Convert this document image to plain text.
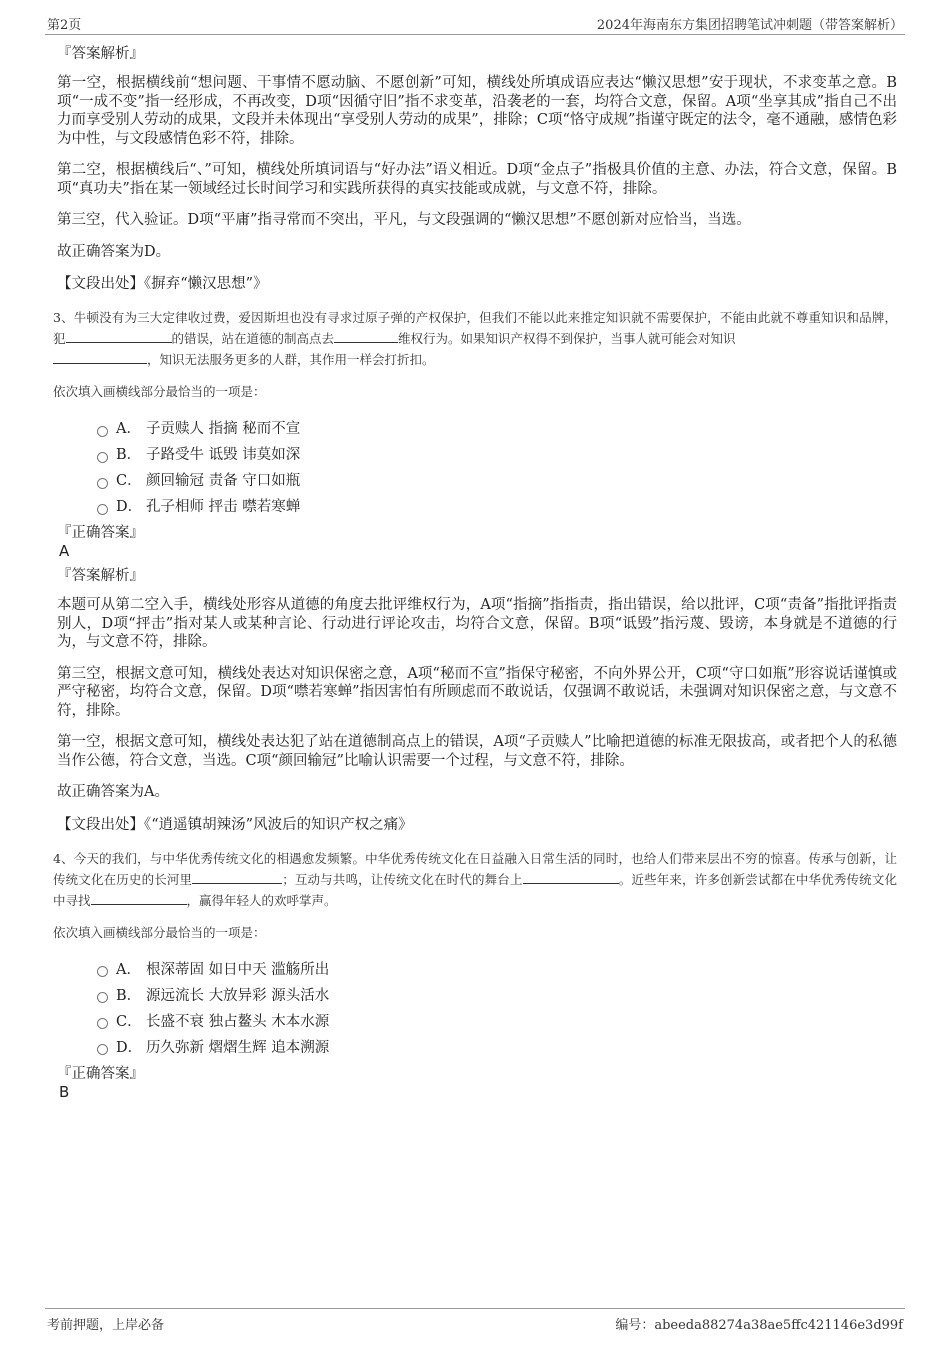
第2页	2024年海南东方集团招聘笔试冲刺题（带答案解析）
『答案解析』

第一空，根据横线前“想问题、干事情不愿动脑、不愿创新”可知，横线处所填成语应表达“懒汉思想”安于现状，不求变革之意。B项“一成不变”指一经形成，不再改变，D项“因循守旧”指不求变革，沿袭老的一套，均符合文意，保留。A项“坐享其成”指自己不出力而享受别人劳动的成果，文段并未体现出“享受别人劳动的成果”，排除；C项“恪守成规”指谨守既定的法令，毫不通融，感情色彩为中性，与文段感情色彩不符，排除。

第二空，根据横线后“、”可知，横线处所填词语与“好办法”语义相近。D项“金点子”指极具价值的主意、办法，符合文意，保留。B项“真功夫”指在某一领域经过长时间学习和实践所获得的真实技能或成就，与文意不符，排除。

第三空，代入验证。D项“平庸”指寻常而不突出，平凡，与文段强调的“懒汉思想”不愿创新对应恰当，当选。

故正确答案为D。

【文段出处】《摒弃“懒汉思想”》

3、牛顿没有为三大定律收过费，爱因斯坦也没有寻求过原子弹的产权保护，但我们不能以此来推定知识就不需要保护，不能由此就不尊重知识和品牌，犯	的错误，站在道德的制高点去	维权行为。如果知识产权得不到保护，当事人就可能会对知识
，知识无法服务更多的人群，其作用一样会打折扣。

依次填入画横线部分最恰当的一项是：
A． 子贡赎人 指摘 秘而不宣
B． 子路受牛 诋毁 讳莫如深
C． 颜回输冠 责备 守口如瓶
D． 孔子相师 抨击 噤若寒蝉
『正确答案』
A
『答案解析』

本题可从第二空入手，横线处形容从道德的角度去批评维权行为，A项“指摘”指指责，指出错误，给以批评，C项“责备”指批评指责别人，D项“抨击”指对某人或某种言论、行动进行评论攻击，均符合文意，保留。B项“诋毁”指污蔑、毁谤，本身就是不道德的行为，与文意不符，排除。

第三空，根据文意可知，横线处表达对知识保密之意，A项“秘而不宣”指保守秘密，不向外界公开，C项“守口如瓶”形容说话谨慎或严守秘密，均符合文意，保留。D项“噤若寒蝉”指因害怕有所顾虑而不敢说话，仅强调不敢说话，未强调对知识保密之意，与文意不符，排除。

第一空，根据文意可知，横线处表达犯了站在道德制高点上的错误，A项“子贡赎人”比喻把道德的标准无限拔高，或者把个人的私德当作公德，符合文意，当选。C项“颜回输冠”比喻认识需要一个过程，与文意不符，排除。

故正确答案为A。

【文段出处】《“逍遥镇胡辣汤”风波后的知识产权之痛》

4、今天的我们，与中华优秀传统文化的相遇愈发频繁。中华优秀传统文化在日益融入日常生活的同时，也给人们带来层出不穷的惊喜。传承与创新，让传统文化在历史的长河里	；互动与共鸣，让传统文化在时代的舞台上	。近些年来，许多创新尝试都在中华优秀传统文化中寻找	，赢得年轻人的欢呼掌声。

依次填入画横线部分最恰当的一项是：
A． 根深蒂固 如日中天 滥觞所出
B． 源远流长 大放异彩 源头活水
C． 长盛不衰 独占鳌头 木本水源
D． 历久弥新 熠熠生辉 追本溯源
『正确答案』
B
考前押题，上岸必备	编号：abeeda88274a38ae5ffc421146e3d99f
